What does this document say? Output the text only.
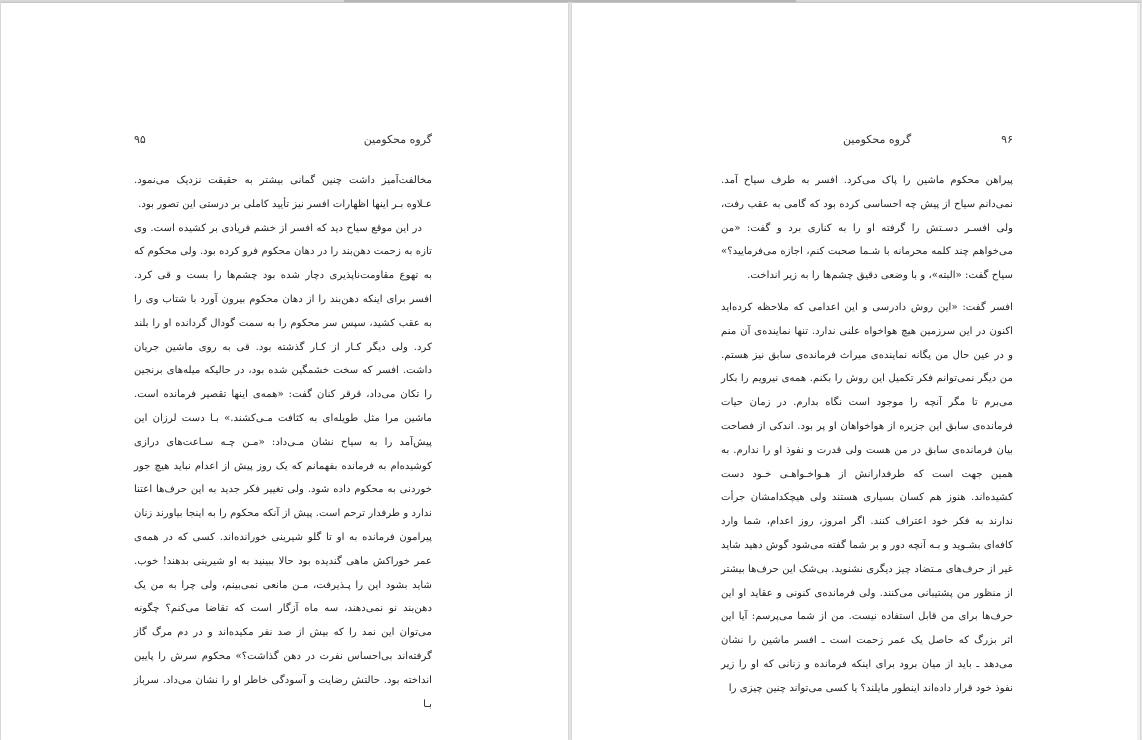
گروه محکومین
۹۵

مخالفت‌آمیز داشت چنین گمانی بیشتر به حقیقت نزدیک می‌نمود. عـلاوه بـر اینها اظهارات افسر نیز تأیید کاملی بر درستی این تصور بود.

در این موقع سیاح دید که افسر از خشم فریادی بر کشیده است. وی تازه به زحمت دهن‌بند را در دهان محکوم فرو کرده بود. ولی محکوم که به تهوع مقاومت‌ناپذیری دچار شده بود چشم‌ها را بست و قی کرد. افسر برای اینکه دهن‌بند را از دهان محکوم بیرون آورد با شتاب وی را به عقب کشید، سپس سر محکوم را به سمت گودال گردانده او را بلند کرد. ولی دیگر کـار از کـار گذشته بود. قی به روی ماشین جریان داشت. افسر که سخت خشمگین شده بود، در حالیکه میله‌های برنجین را تکان می‌داد، قرقر کنان گفت: «همه‌ی اینها تقصیر فرمانده است. ماشین مرا مثل طویله‌ای به کثافت مـی‌کشند.» بـا دست لرزان این پیش‌آمد را به سیاح نشان مـی‌داد: «مـن چـه سـاعت‌های درازی کوشیده‌ام به فرمانده بفهمانم که یک روز پیش از اعدام نباید هیچ جور خوردنی به محکوم داده شود. ولی تغییر فکر جدید به این حرف‌ها اعتنا ندارد و طرفدار ترحم است. پیش از آنکه محکوم را به اینجا بیاورند زنان پیرامون فرمانده به او تا گلو شیرینی خورانده‌اند. کسی که در همه‌ی عمر خوراکش ماهی گندیده بود حالا ببینید به او شیرینی بدهند! خوب. شاید بشود این را پـذیرفت، مـن مانعی نمی‌بینم، ولی چرا به من یک دهن‌بند نو نمی‌دهند، سه ماه آزگار است که تقاضا می‌کنم؟ چگونه می‌توان این نمد را که بیش از صد نفر مکیده‌اند و در دم مرگ گاز گرفته‌اند بی‌احساس نفرت در دهن گذاشت؟» محکوم سرش را پایین انداخته بود. حالتش رضایت و آسودگی خاطر او را نشان می‌داد. سرباز بـا

گروه محکومین	۹۶

پیراهن محکوم ماشین را پاک می‌کرد. افسر به طرف سیاح آمد. نمی‌دانم سیاح از پیش چه احساسی کرده بود که گامی به عقب رفت، ولی افسـر دسـتش را گرفته او را به کناری برد و گفت: «من می‌خواهم چند کلمه محرمانه با شـما صحبت کنم، اجازه می‌فرمایید؟» سیاح گفت: «البته»، و با وضعی دقیق چشم‌ها را به زیر انداخت.

افسر گفت: «این روش دادرسی و این اعدامی که ملاحظه کرده‌اید اکنون در این سرزمین هیچ هواخواه علنی ندارد. تنها نماینده‌ی آن منم و در عین حال من یگانه نماینده‌ی میراث فرمانده‌ی سابق نیز هستم. من دیگر نمی‌توانم فکر تکمیل این روش را بکنم. همه‌ی نیرویم را بکار می‌برم تا مگر آنچه را موجود است نگاه بدارم. در زمان حیات فرمانده‌ی سابق این جزیره از هواخواهان او پر بود. اندکی از فصاحت بیان فرمانده‌ی سابق در من هست ولی قدرت و نفوذ او را ندارم. به همین جهت است که طرفدارانش از هـواخـواهـی خـود دست کشیده‌اند. هنوز هم کسان بسیاری هستند ولی هیچکدامشان جرأت ندارند به فکر خود اعتراف کنند. اگر امروز، روز اعدام، شما وارد کافه‌ای بشـوید و بـه آنچه دور و بر شما گفته می‌شود گوش دهید شاید غیر از حرف‌های مـتضاد چیز دیگری نشنوید. بی‌شک این حرف‌ها بیشتر از منظور من پشتیبانی می‌کنند. ولی فرمانده‌ی کنونی و عقاید او این حرف‌ها برای من قابل استفاده نیست. من از شما می‌پرسم: آیا این اثر بزرگ که حاصل یک عمر زحمت است ـ افسر ماشین را نشان می‌دهد ـ باید از میان برود برای اینکه فرمانده و زنانی که او را زیر نفوذ خود قرار داده‌اند اینطور مایلند؟ یا کسی می‌تواند چنین چیزی را
